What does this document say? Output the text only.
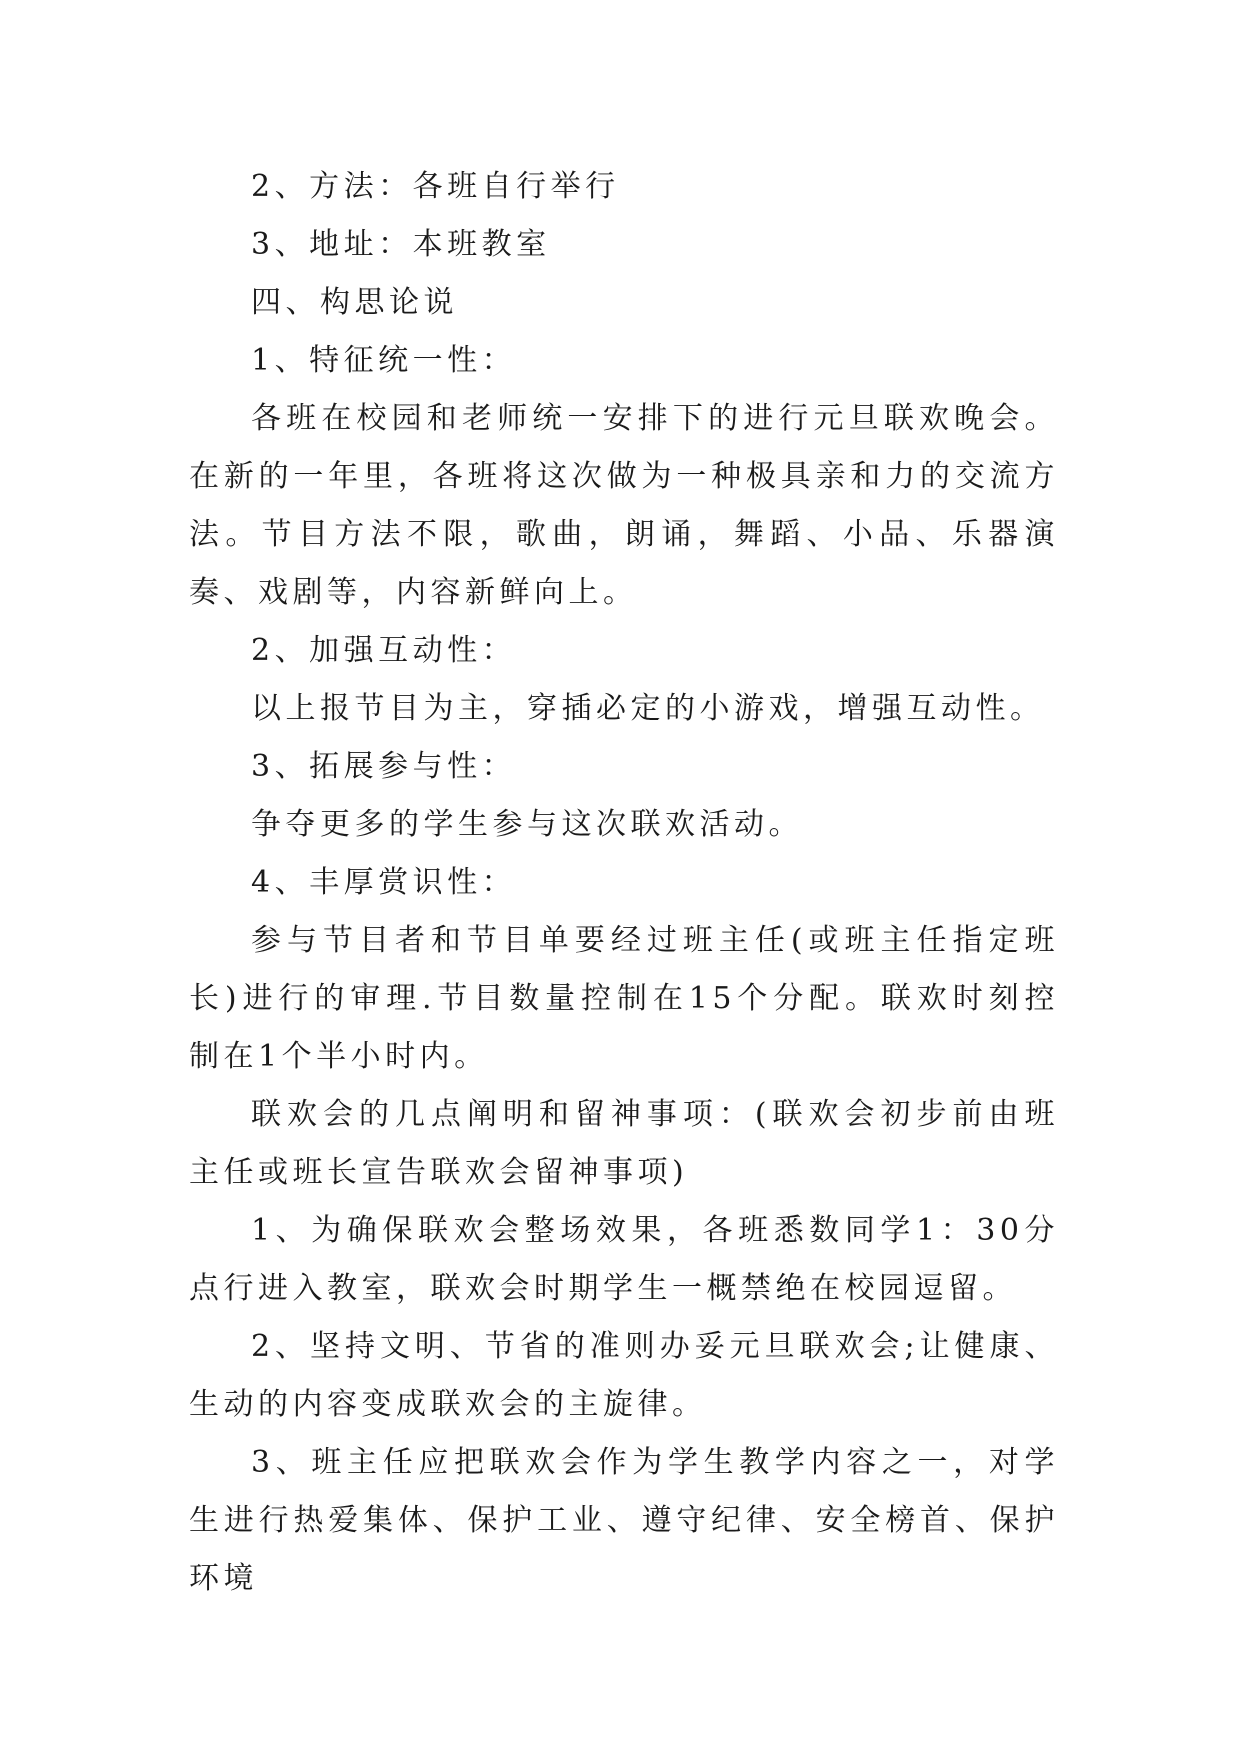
2、方法：各班自行举行

3、地址：本班教室

四、构思论说

1、特征统一性：

各班在校园和老师统一安排下的进行元旦联欢晚会。在新的一年里，各班将这次做为一种极具亲和力的交流方法。节目方法不限，歌曲，朗诵，舞蹈、小品、乐器演奏、戏剧等，内容新鲜向上。

2、加强互动性：

以上报节目为主，穿插必定的小游戏，增强互动性。

3、拓展参与性：

争夺更多的学生参与这次联欢活动。

4、丰厚赏识性：

参与节目者和节目单要经过班主任(或班主任指定班长)进行的审理.节目数量控制在15个分配。联欢时刻控制在1个半小时内。

联欢会的几点阐明和留神事项：(联欢会初步前由班主任或班长宣告联欢会留神事项)

1、为确保联欢会整场效果，各班悉数同学1：30分点行进入教室，联欢会时期学生一概禁绝在校园逗留。

2、坚持文明、节省的准则办妥元旦联欢会;让健康、生动的内容变成联欢会的主旋律。

3、班主任应把联欢会作为学生教学内容之一，对学生进行热爱集体、保护工业、遵守纪律、安全榜首、保护环境
